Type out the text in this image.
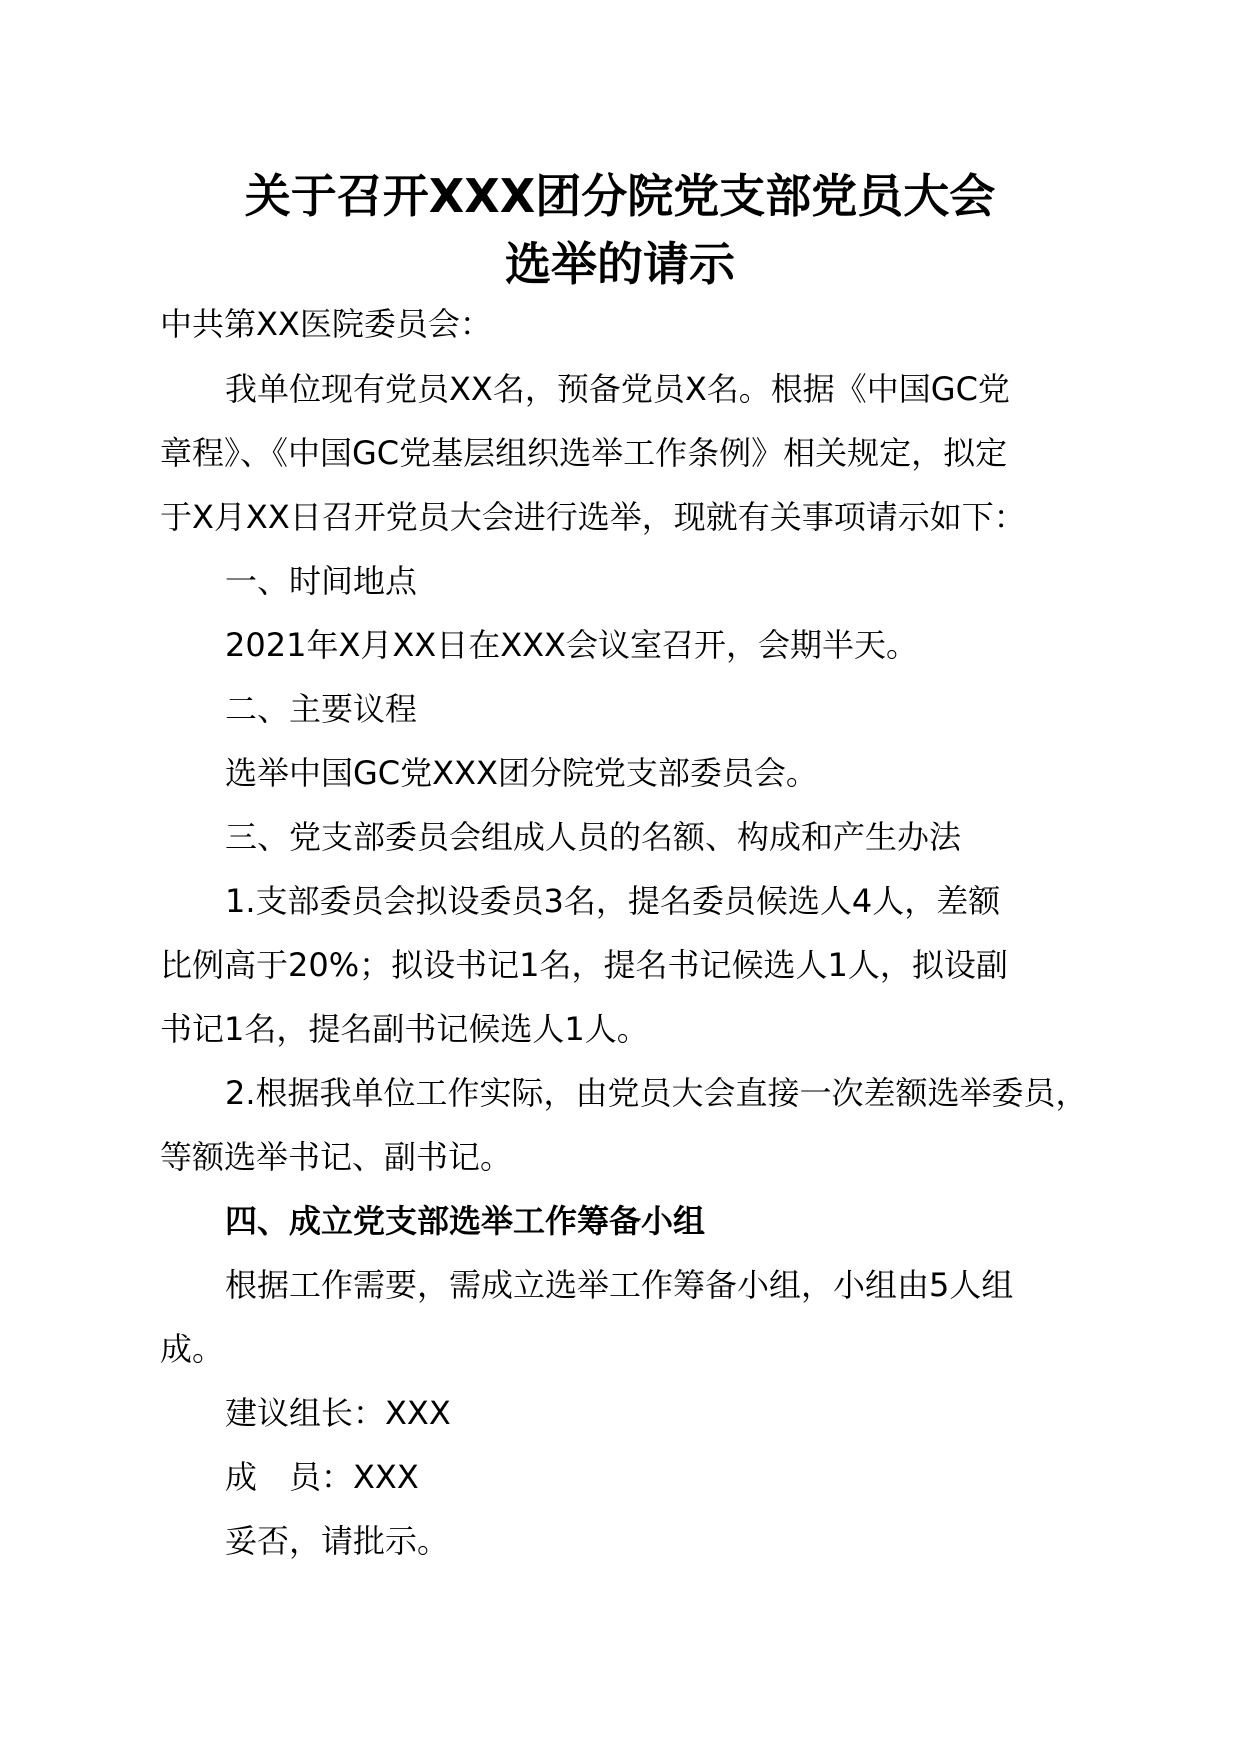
关于召开XXX团分院党支部党员大会
选举的请示
中共第XX医院委员会：
我单位现有党员XX名，预备党员X名。根据《中国GC党
章程》、《中国GC党基层组织选举工作条例》相关规定，拟定
于X月XX日召开党员大会进行选举，现就有关事项请示如下：
一、时间地点
2021年X月XX日在XXX会议室召开，会期半天。
二、主要议程
选举中国GC党XXX团分院党支部委员会。
三、党支部委员会组成人员的名额、构成和产生办法
1.支部委员会拟设委员3名，提名委员候选人4人，差额
比例高于20%；拟设书记1名，提名书记候选人1人，拟设副
书记1名，提名副书记候选人1人。
2.根据我单位工作实际，由党员大会直接一次差额选举委员，
等额选举书记、副书记。
四、成立党支部选举工作筹备小组
根据工作需要，需成立选举工作筹备小组，小组由5人组
成。
建议组长：XXX
成　员：XXX
妥否，请批示。
